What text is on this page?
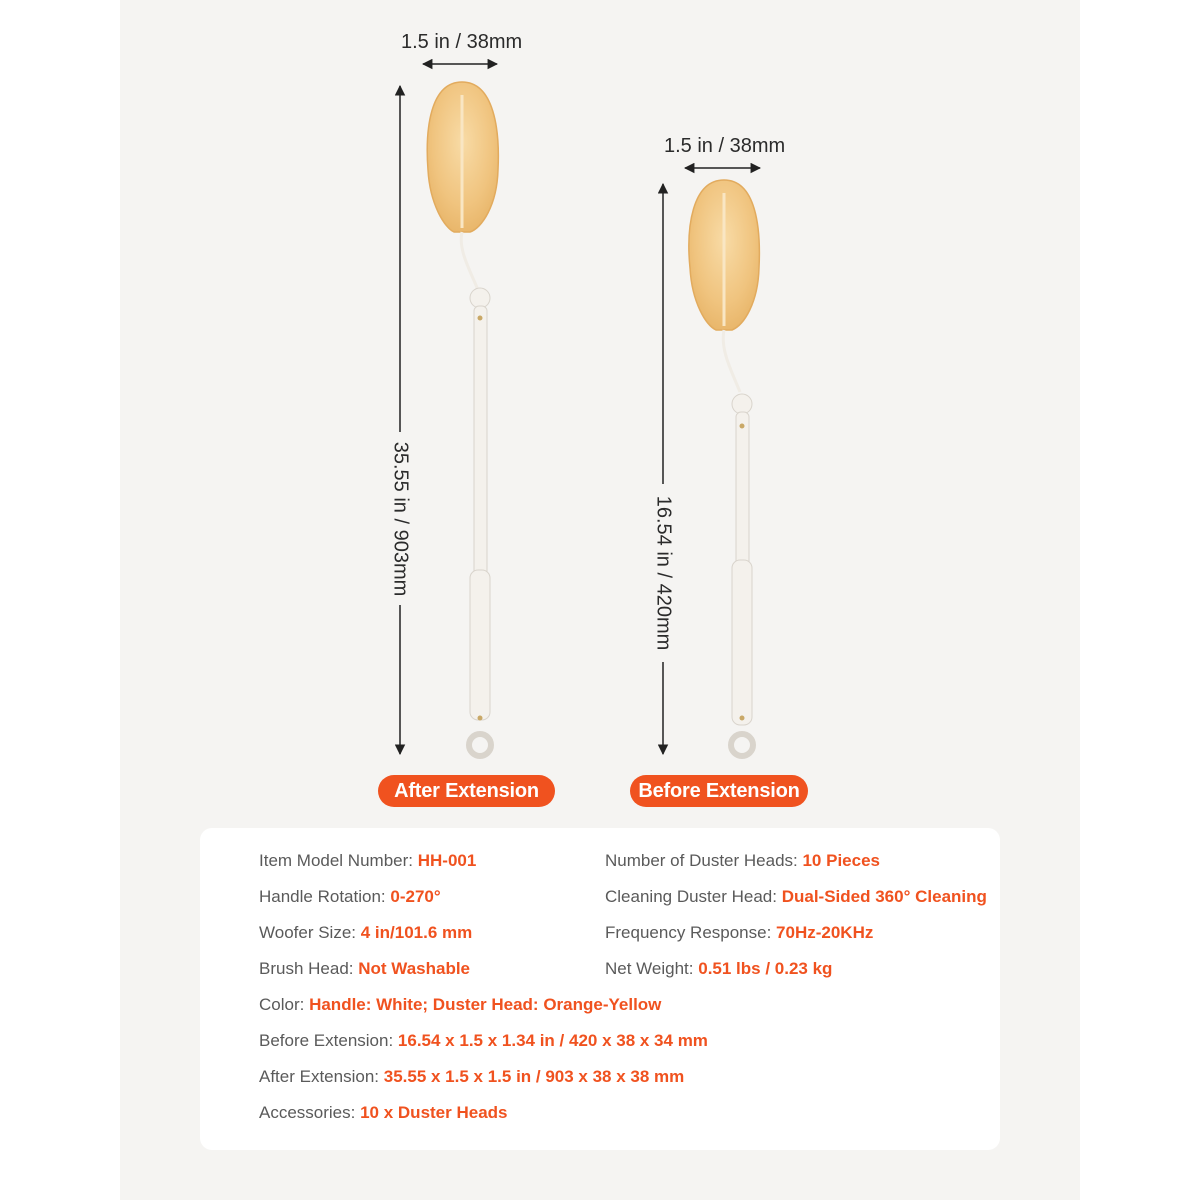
1.5 in / 38mm
35.55 in / 903mm
1.5 in / 38mm
16.54 in / 420mm
After Extension	Before Extension
Item Model Number: HH-001	Number of Duster Heads: 10 Pieces
Handle Rotation: 0-270°	Cleaning Duster Head: Dual-Sided 360° Cleaning
Woofer Size: 4 in/101.6 mm	Frequency Response: 70Hz-20KHz
Brush Head: Not Washable	Net Weight: 0.51 lbs / 0.23 kg
Color: Handle: White; Duster Head: Orange-Yellow
Before Extension: 16.54 x 1.5 x 1.34 in / 420 x 38 x 34 mm
After Extension: 35.55 x 1.5 x 1.5 in / 903 x 38 x 38 mm
Accessories: 10 x Duster Heads
